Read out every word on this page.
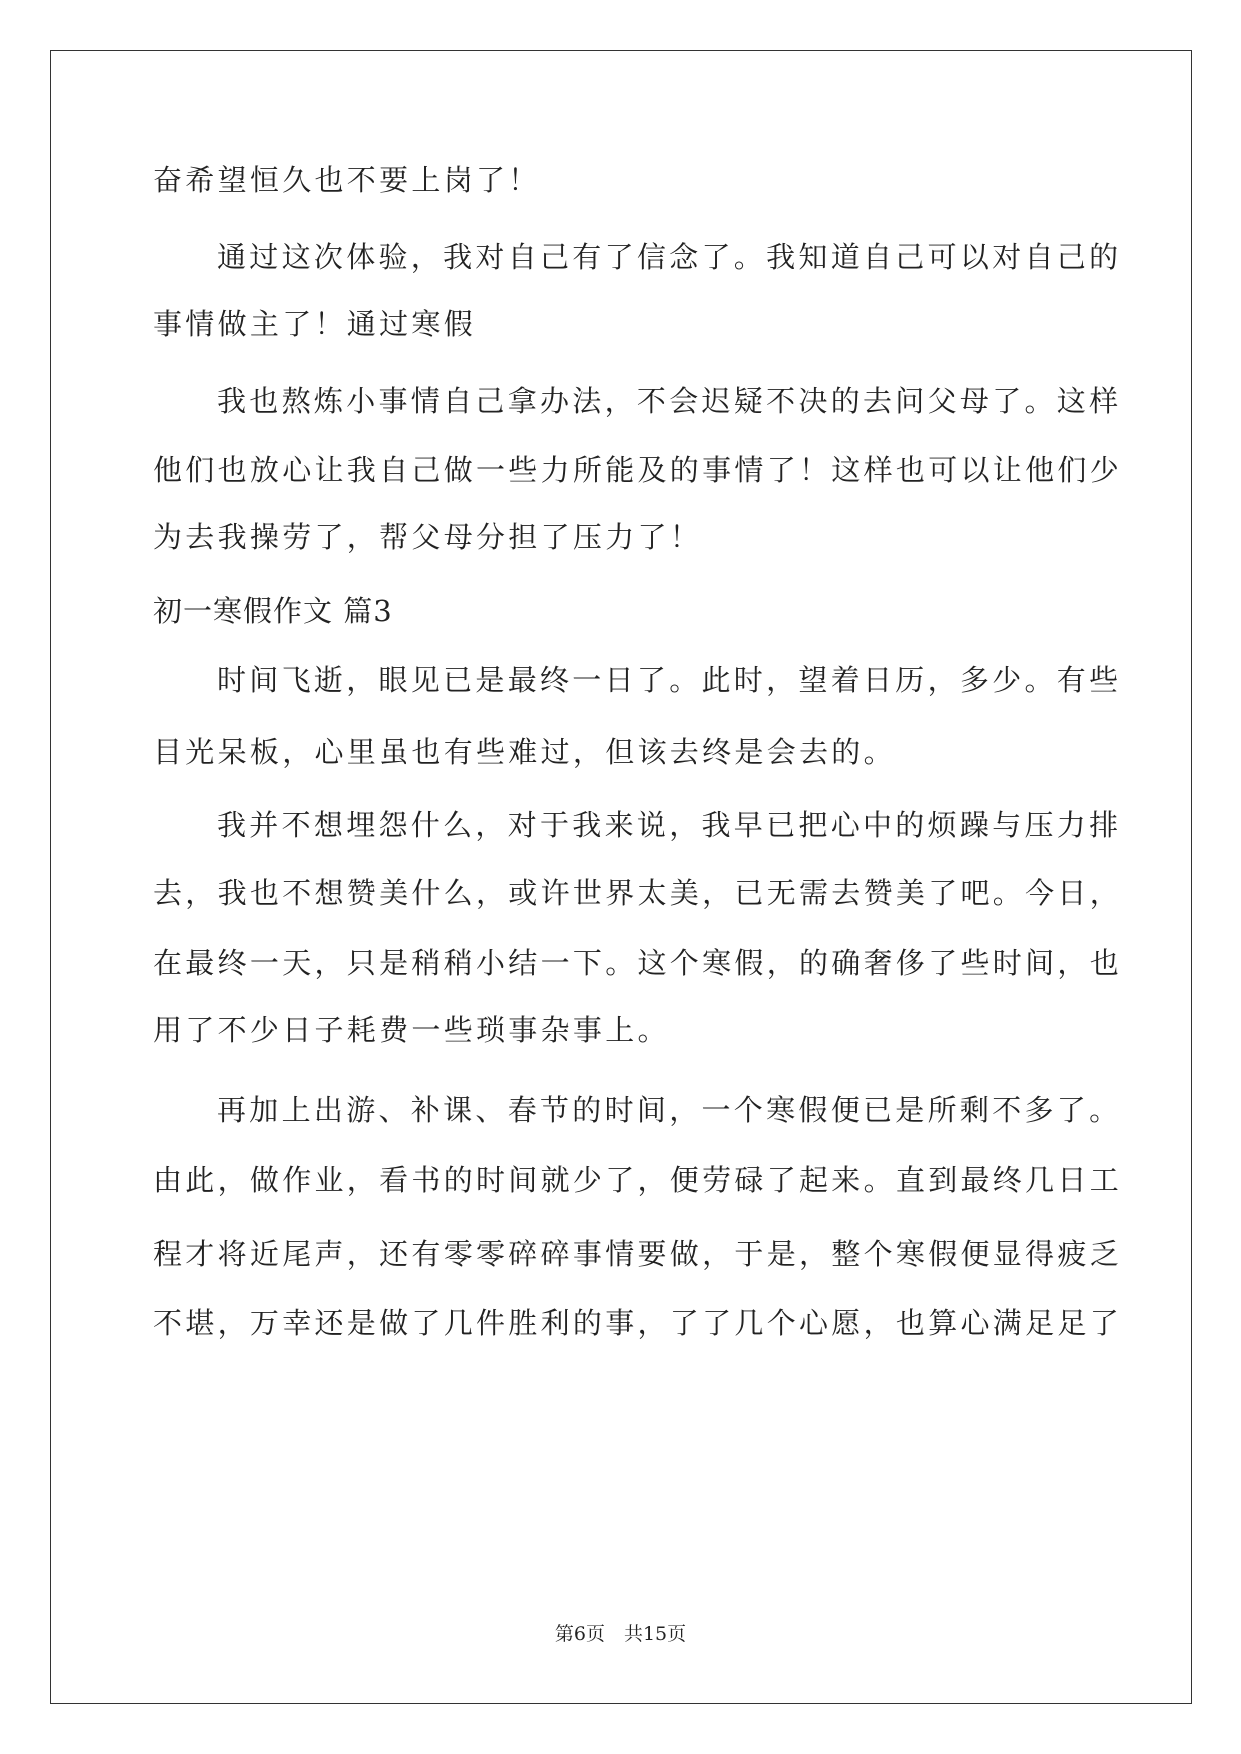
奋希望恒久也不要上岗了！
通过这次体验，我对自己有了信念了。我知道自己可以对自己的
事情做主了！通过寒假
我也熬炼小事情自己拿办法，不会迟疑不决的去问父母了。这样
他们也放心让我自己做一些力所能及的事情了！这样也可以让他们少
为去我操劳了，帮父母分担了压力了！
初一寒假作文 篇3
时间飞逝，眼见已是最终一日了。此时，望着日历，多少。有些
目光呆板，心里虽也有些难过，但该去终是会去的。
我并不想埋怨什么，对于我来说，我早已把心中的烦躁与压力排
去，我也不想赞美什么，或许世界太美，已无需去赞美了吧。今日，
在最终一天，只是稍稍小结一下。这个寒假，的确奢侈了些时间，也
用了不少日子耗费一些琐事杂事上。
再加上出游、补课、春节的时间，一个寒假便已是所剩不多了。
由此，做作业，看书的时间就少了，便劳碌了起来。直到最终几日工
程才将近尾声，还有零零碎碎事情要做，于是，整个寒假便显得疲乏
不堪，万幸还是做了几件胜利的事，了了几个心愿，也算心满足足了
第6页　共15页
